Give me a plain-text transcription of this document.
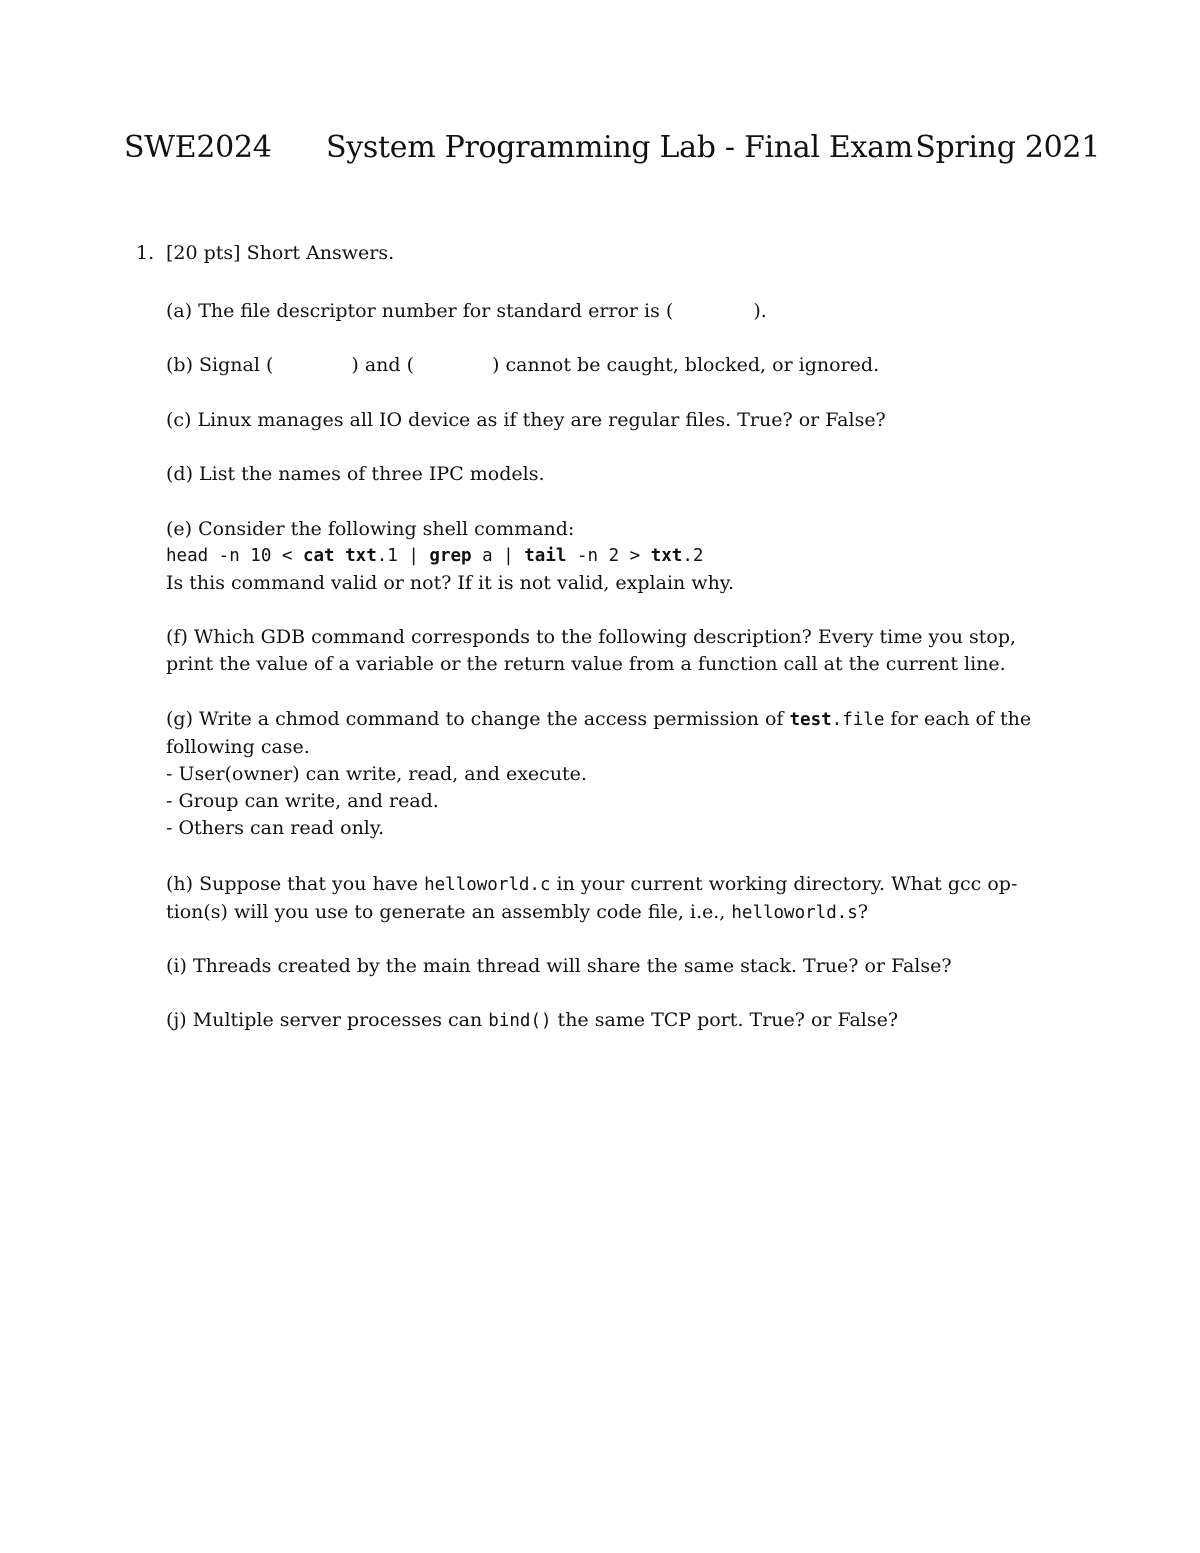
SWE2024 System Programming Lab - Final Exam Spring 2021
1. [20 pts] Short Answers.
(a) The file descriptor number for standard error is (	).
(b) Signal (	) and (	) cannot be caught, blocked, or ignored.
(c) Linux manages all IO device as if they are regular files. True? or False?
(d) List the names of three IPC models.
(e) Consider the following shell command:
head -n 10 < cat txt.1 | grep a | tail -n 2 > txt.2
Is this command valid or not? If it is not valid, explain why.
(f) Which GDB command corresponds to the following description? Every time you stop,
print the value of a variable or the return value from a function call at the current line.
(g) Write a chmod command to change the access permission of test.file for each of the
following case.
- User(owner) can write, read, and execute.
- Group can write, and read.
- Others can read only.
(h) Suppose that you have helloworld.c in your current working directory. What gcc op-
tion(s) will you use to generate an assembly code file, i.e., helloworld.s?
(i) Threads created by the main thread will share the same stack. True? or False?
(j) Multiple server processes can bind() the same TCP port. True? or False?
